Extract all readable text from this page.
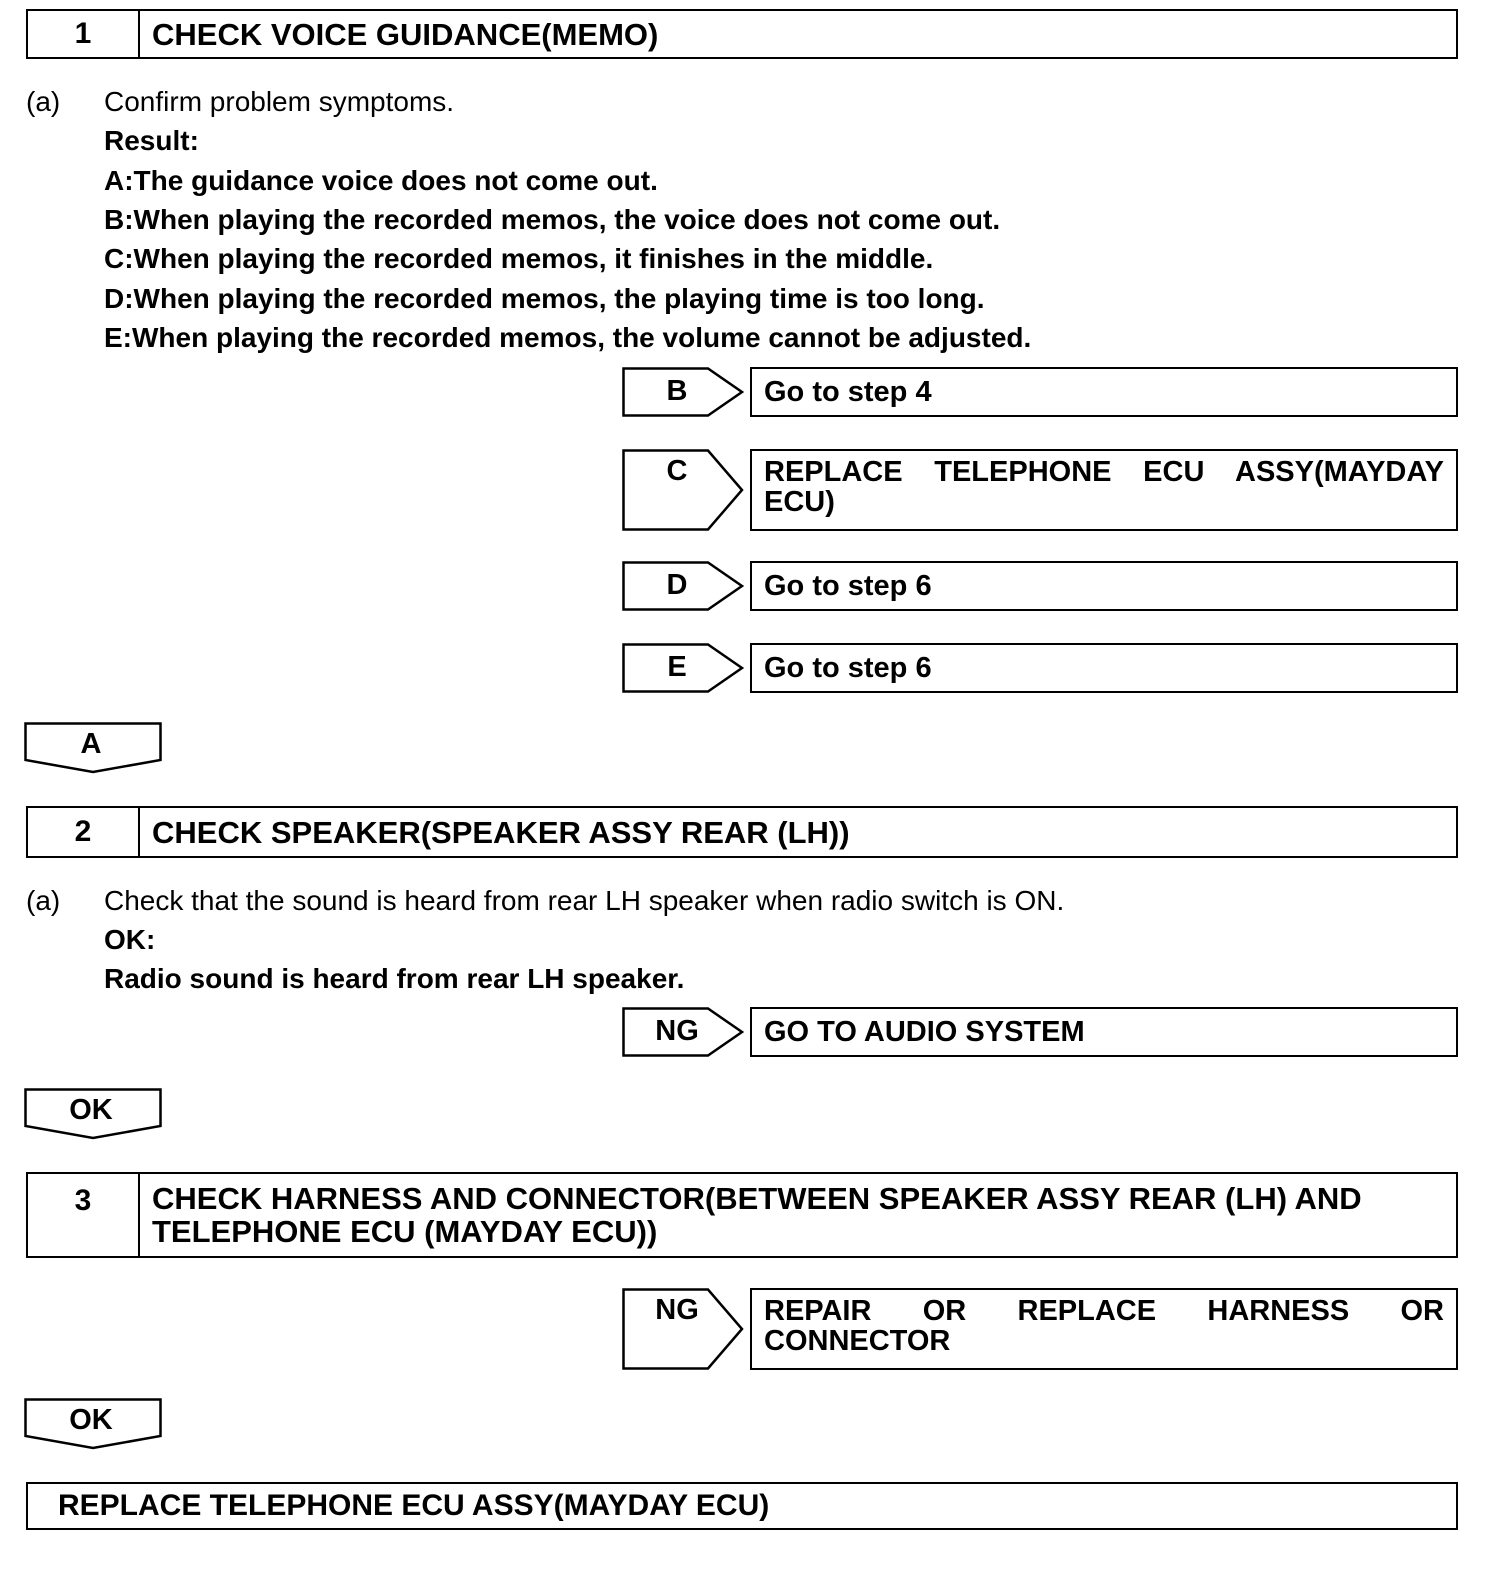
1	CHECK VOICE GUIDANCE(MEMO)
(a) Confirm problem symptoms.
Result:
A:The guidance voice does not come out.
B:When playing the recorded memos, the voice does not come out.
C:When playing the recorded memos, it finishes in the middle.
D:When playing the recorded memos, the playing time is too long.
E:When playing the recorded memos, the volume cannot be adjusted.
B	Go to step 4
C	REPLACE TELEPHONE ECU ASSY(MAYDAY ECU)
D	Go to step 6
E	Go to step 6
A
2	CHECK SPEAKER(SPEAKER ASSY REAR (LH))
(a) Check that the sound is heard from rear LH speaker when radio switch is ON.
OK:
Radio sound is heard from rear LH speaker.
NG	GO TO AUDIO SYSTEM
OK
3	CHECK HARNESS AND CONNECTOR(BETWEEN SPEAKER ASSY REAR (LH) AND TELEPHONE ECU (MAYDAY ECU))
NG	REPAIR OR REPLACE HARNESS OR CONNECTOR
OK
REPLACE TELEPHONE ECU ASSY(MAYDAY ECU)
